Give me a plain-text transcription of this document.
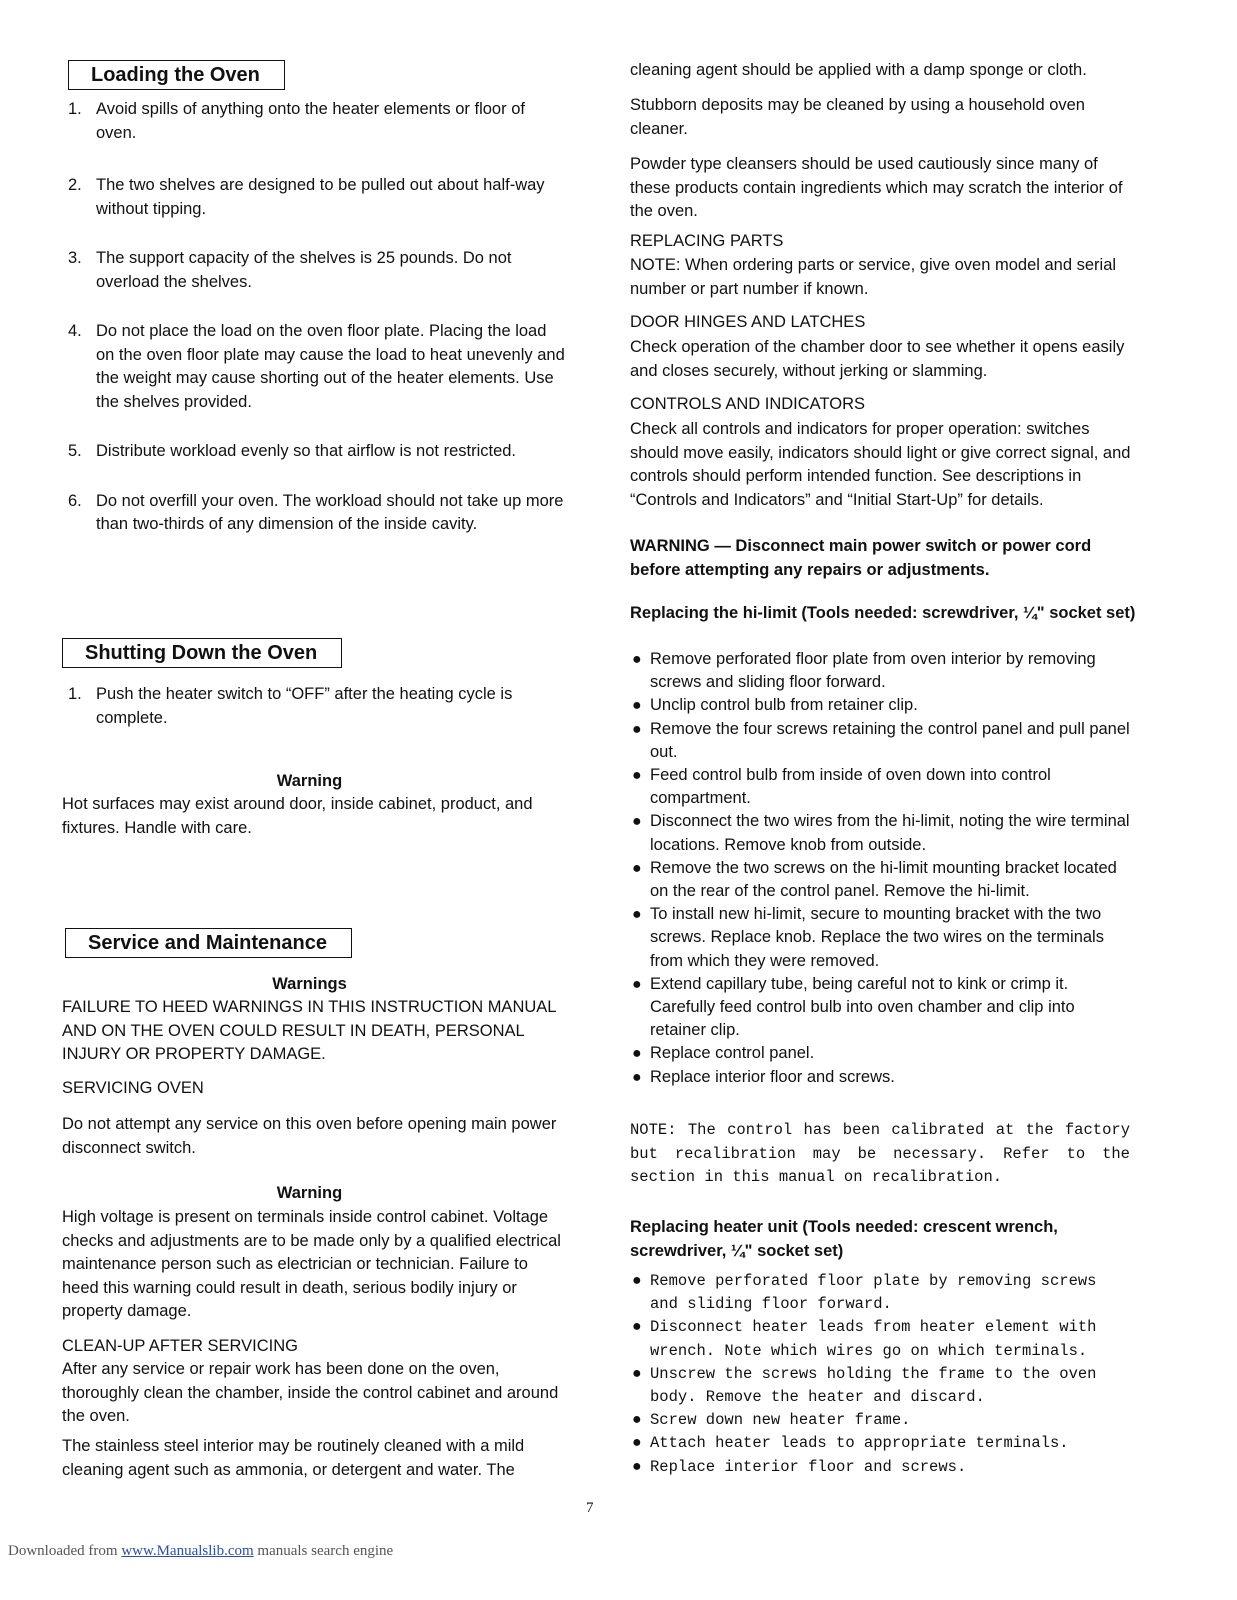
Loading the Oven
1. Avoid spills of anything onto the heater elements or floor of oven.
2. The two shelves are designed to be pulled out about half-way without tipping.
3. The support capacity of the shelves is 25 pounds. Do not overload the shelves.
4. Do not place the load on the oven floor plate. Placing the load on the oven floor plate may cause the load to heat unevenly and the weight may cause shorting out of the heater elements. Use the shelves provided.
5. Distribute workload evenly so that airflow is not restricted.
6. Do not overfill your oven. The workload should not take up more than two-thirds of any dimension of the inside cavity.
Shutting Down the Oven
1. Push the heater switch to “OFF” after the heating cycle is complete.

Warning

Hot surfaces may exist around door, inside cabinet, product, and fixtures. Handle with care.

Service and Maintenance

Warnings

FAILURE TO HEED WARNINGS IN THIS INSTRUCTION MANUAL AND ON THE OVEN COULD RESULT IN DEATH, PERSONAL INJURY OR PROPERTY DAMAGE.

SERVICING OVEN

Do not attempt any service on this oven before opening main power disconnect switch.

Warning

High voltage is present on terminals inside control cabinet. Voltage checks and adjustments are to be made only by a qualified electrical maintenance person such as electrician or technician. Failure to heed this warning could result in death, serious bodily injury or property damage.

CLEAN-UP AFTER SERVICING

After any service or repair work has been done on the oven, thoroughly clean the chamber, inside the control cabinet and around the oven.

The stainless steel interior may be routinely cleaned with a mild cleaning agent such as ammonia, or detergent and water. The

cleaning agent should be applied with a damp sponge or cloth.

Stubborn deposits may be cleaned by using a household oven cleaner.

Powder type cleansers should be used cautiously since many of these products contain ingredients which may scratch the interior of the oven.

REPLACING PARTS

NOTE: When ordering parts or service, give oven model and serial number or part number if known.

DOOR HINGES AND LATCHES

Check operation of the chamber door to see whether it opens easily and closes securely, without jerking or slamming.

CONTROLS AND INDICATORS

Check all controls and indicators for proper operation: switches should move easily, indicators should light or give correct signal, and controls should perform intended function. See descriptions in “Controls and Indicators” and “Initial Start-Up” for details.

WARNING — Disconnect main power switch or power cord before attempting any repairs or adjustments.

Replacing the hi-limit (Tools needed: screwdriver, ¼" socket set)

● Remove perforated floor plate from oven interior by removing screws and sliding floor forward.
● Unclip control bulb from retainer clip.
● Remove the four screws retaining the control panel and pull panel out.
● Feed control bulb from inside of oven down into control compartment.
● Disconnect the two wires from the hi-limit, noting the wire terminal locations. Remove knob from outside.
● Remove the two screws on the hi-limit mounting bracket located on the rear of the control panel. Remove the hi-limit.
● To install new hi-limit, secure to mounting bracket with the two screws. Replace knob. Replace the two wires on the terminals from which they were removed.
● Extend capillary tube, being careful not to kink or crimp it. Carefully feed control bulb into oven chamber and clip into retainer clip.
● Replace control panel.
● Replace interior floor and screws.

NOTE: The control has been calibrated at the factory but recalibration may be necessary. Refer to the section in this manual on recalibration.

Replacing heater unit (Tools needed: crescent wrench, screwdriver, ¼" socket set)

● Remove perforated floor plate by removing screws and sliding floor forward.
● Disconnect heater leads from heater element with wrench. Note which wires go on which terminals.
● Unscrew the screws holding the frame to the oven body. Remove the heater and discard.
● Screw down new heater frame.
● Attach heater leads to appropriate terminals.
● Replace interior floor and screws.
7
Downloaded from www.Manualslib.com manuals search engine
